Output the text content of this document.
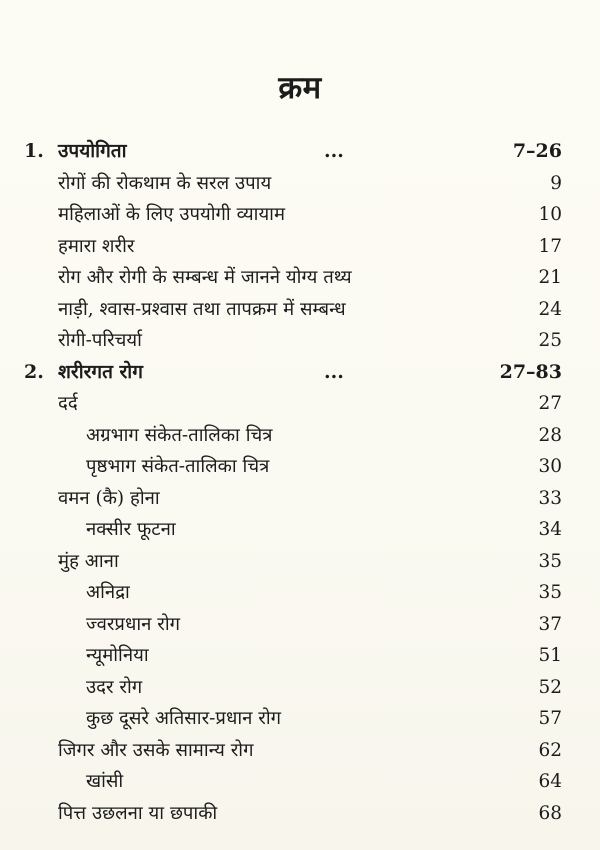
क्रम
1. उपयोगिता	...	7–26
रोगों की रोकथाम के सरल उपाय	9
महिलाओं के लिए उपयोगी व्यायाम	10
हमारा शरीर	17
रोग और रोगी के सम्बन्ध में जानने योग्य तथ्य	21
नाड़ी, श्वास-प्रश्वास तथा तापक्रम में सम्बन्ध	24
रोगी-परिचर्या	25
2. शरीरगत रोग	...	27–83
दर्द	27
अग्रभाग संकेत-तालिका चित्र	28
पृष्ठभाग संकेत-तालिका चित्र	30
वमन (कै) होना	33
नक्सीर फूटना	34
मुंह आना	35
अनिद्रा	35
ज्वरप्रधान रोग	37
न्यूमोनिया	51
उदर रोग	52
कुछ दूसरे अतिसार-प्रधान रोग	57
जिगर और उसके सामान्य रोग	62
खांसी	64
पित्त उछलना या छपाकी	68
